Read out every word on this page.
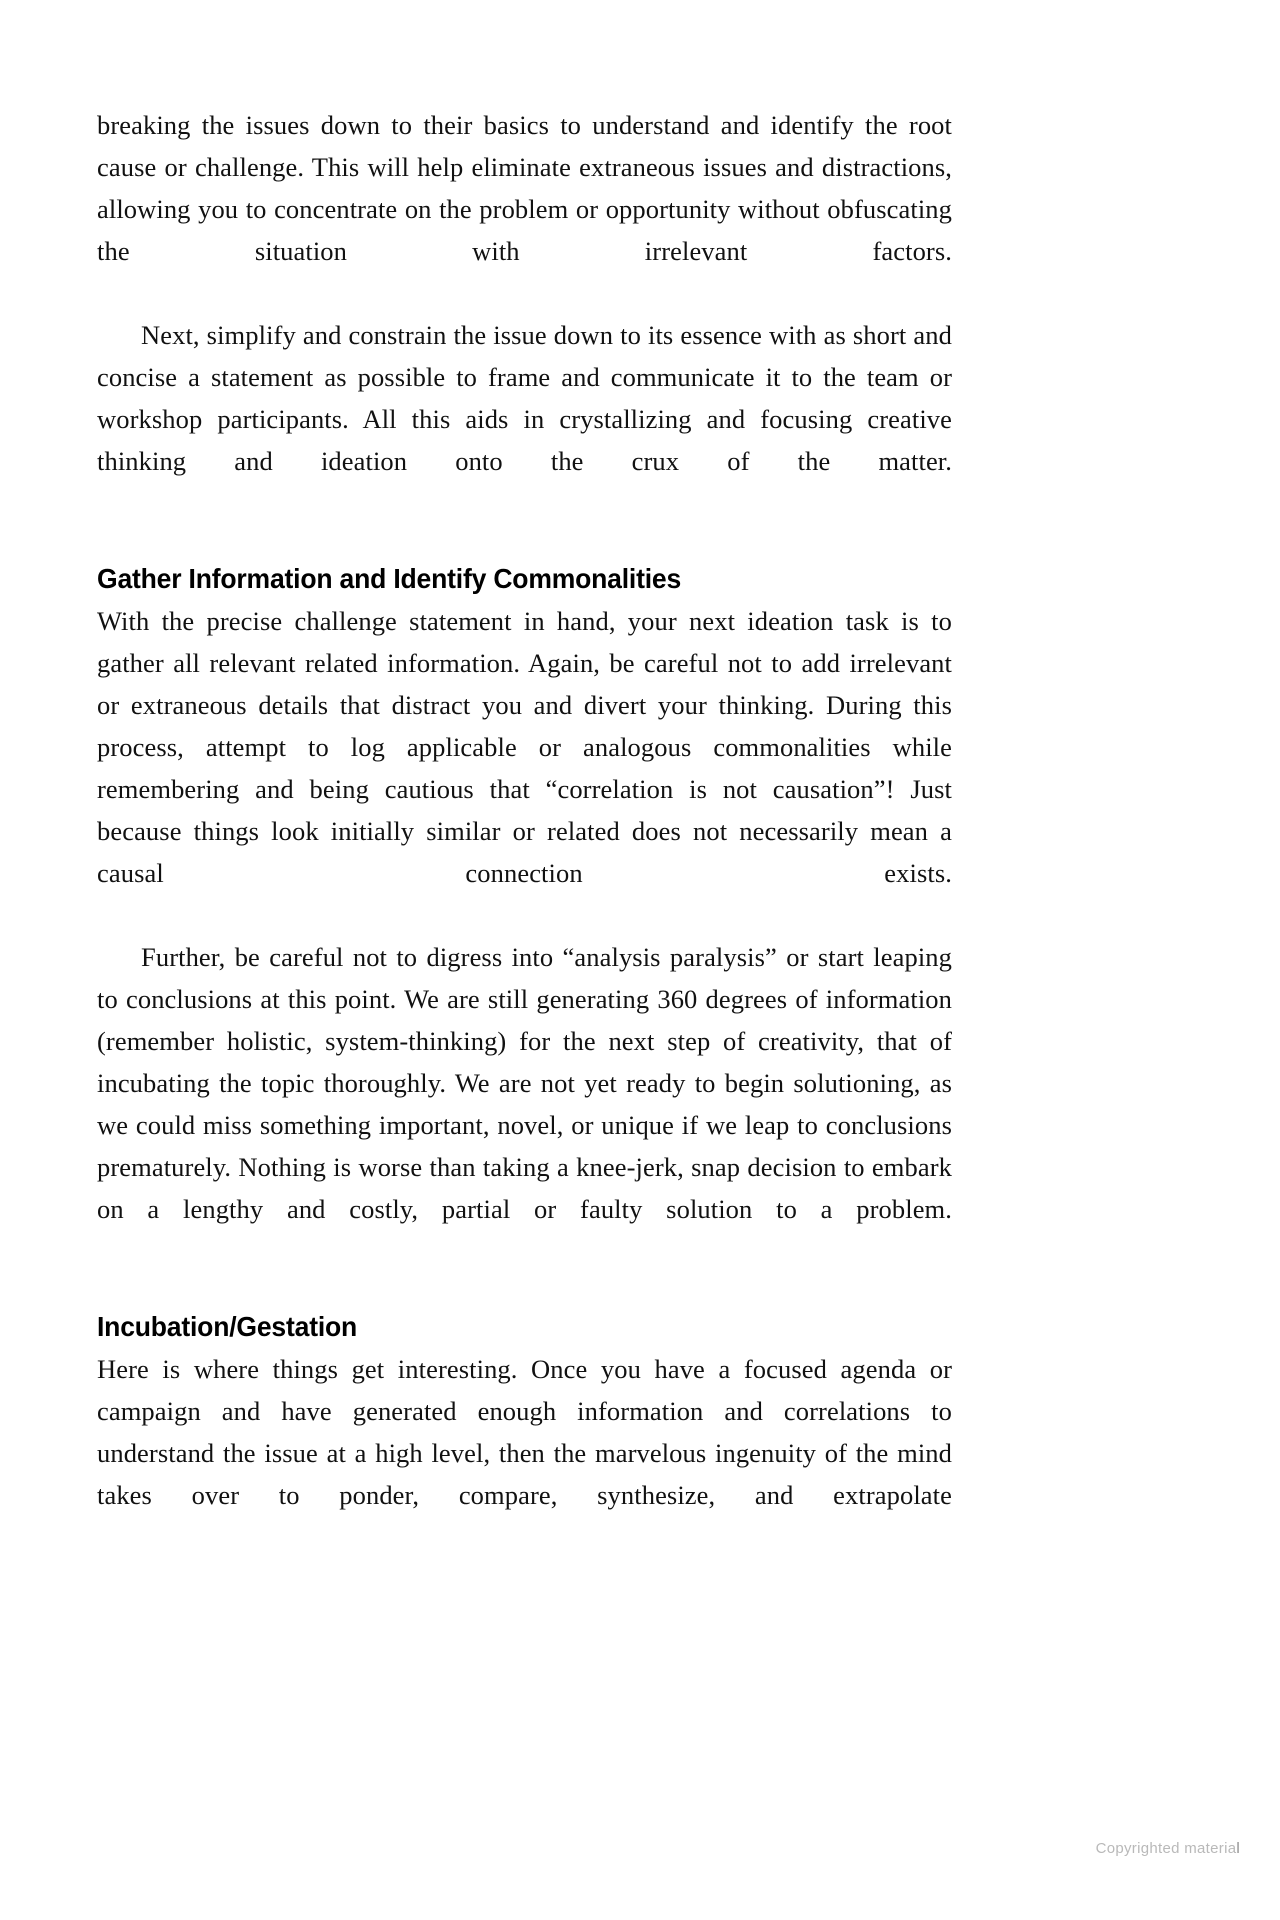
breaking the issues down to their basics to understand and identify the root cause or challenge. This will help eliminate extraneous issues and distractions, allowing you to concentrate on the problem or opportunity without obfuscating the situation with irrelevant factors.

Next, simplify and constrain the issue down to its essence with as short and concise a statement as possible to frame and communicate it to the team or workshop participants. All this aids in crystallizing and focusing creative thinking and ideation onto the crux of the matter.

Gather Information and Identify Commonalities

With the precise challenge statement in hand, your next ideation task is to gather all relevant related information. Again, be careful not to add irrelevant or extraneous details that distract you and divert your thinking. During this process, attempt to log applicable or analogous commonalities while remembering and being cautious that “correlation is not causation”! Just because things look initially similar or related does not necessarily mean a causal connection exists.

Further, be careful not to digress into “analysis paralysis” or start leaping to conclusions at this point. We are still generating 360 degrees of information (remember holistic, system-thinking) for the next step of creativity, that of incubating the topic thoroughly. We are not yet ready to begin solutioning, as we could miss something important, novel, or unique if we leap to conclusions prematurely. Nothing is worse than taking a knee-jerk, snap decision to embark on a lengthy and costly, partial or faulty solution to a problem.

Incubation/Gestation

Here is where things get interesting. Once you have a focused agenda or campaign and have generated enough information and correlations to understand the issue at a high level, then the marvelous ingenuity of the mind takes over to ponder, compare, synthesize, and extrapolate

Copyrighted material
